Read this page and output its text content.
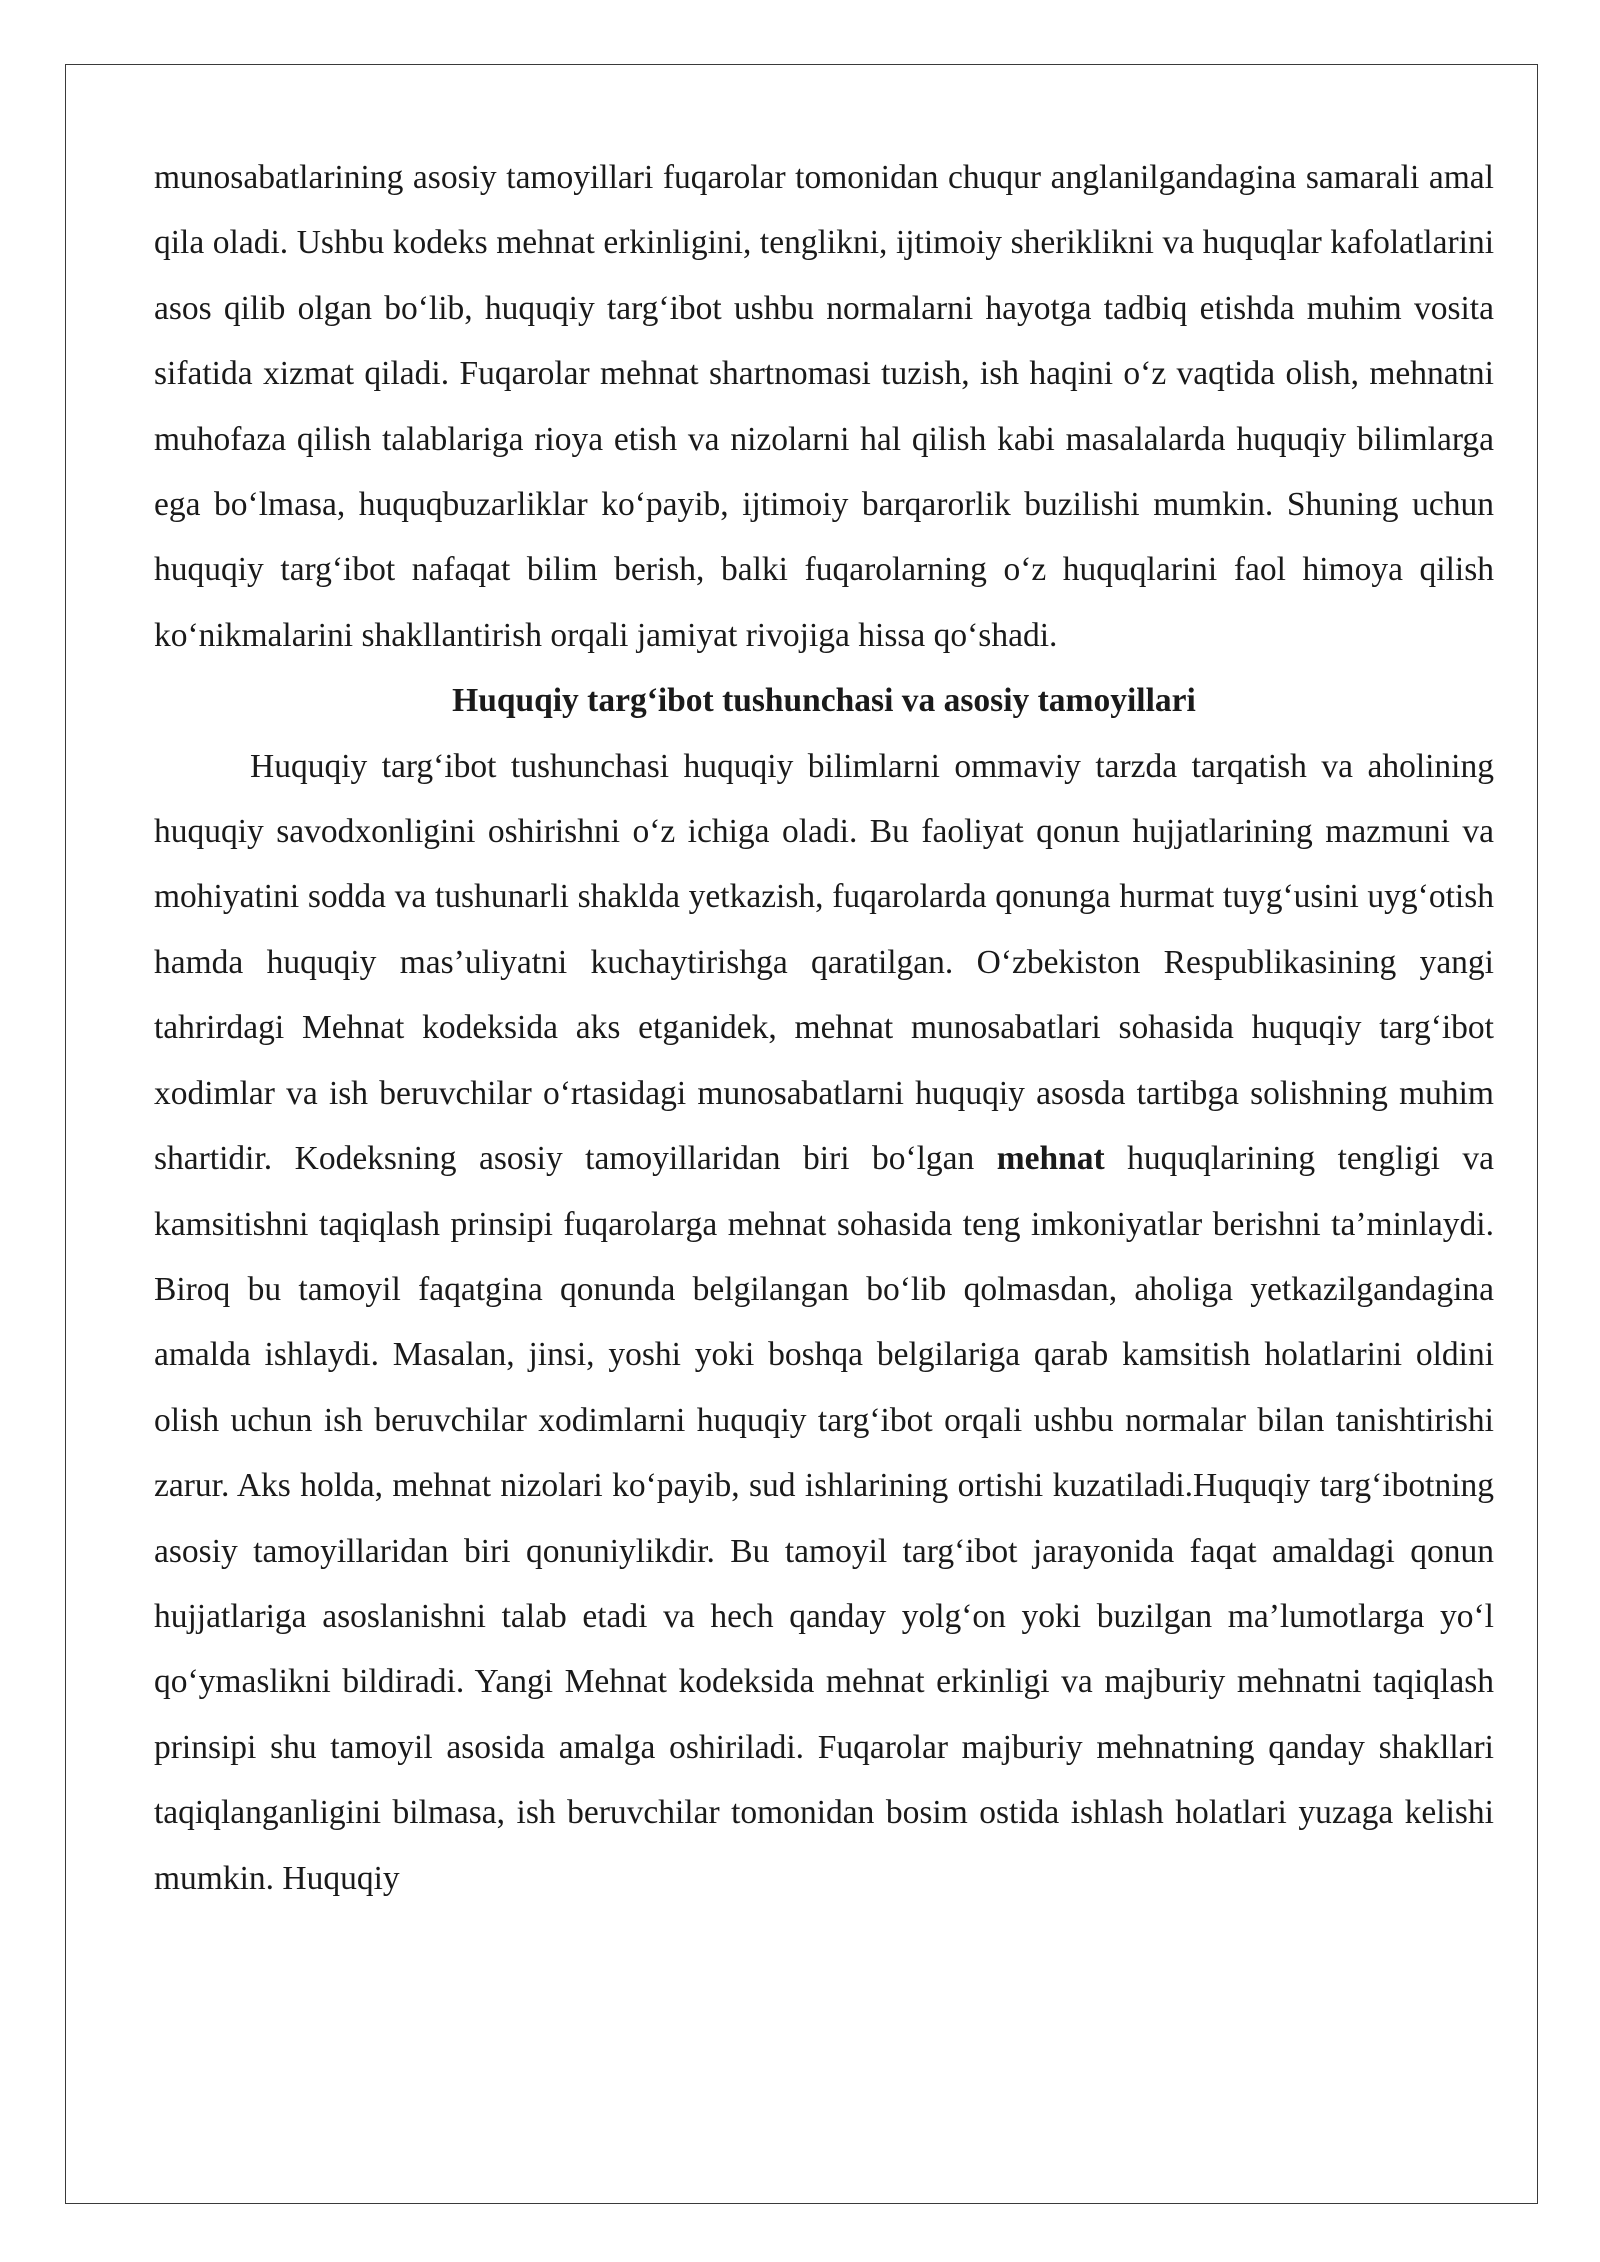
munosabatlarining asosiy tamoyillari fuqarolar tomonidan chuqur anglanilgandagina samarali amal qila oladi. Ushbu kodeks mehnat erkinligini, tenglikni, ijtimoiy sheriklikni va huquqlar kafolatlarini asos qilib olgan bo‘lib, huquqiy targ‘ibot ushbu normalarni hayotga tadbiq etishda muhim vosita sifatida xizmat qiladi. Fuqarolar mehnat shartnomasi tuzish, ish haqini o‘z vaqtida olish, mehnatni muhofaza qilish talablariga rioya etish va nizolarni hal qilish kabi masalalarda huquqiy bilimlarga ega bo‘lmasa, huquqbuzarliklar ko‘payib, ijtimoiy barqarorlik buzilishi mumkin. Shuning uchun huquqiy targ‘ibot nafaqat bilim berish, balki fuqarolarning o‘z huquqlarini faol himoya qilish ko‘nikmalarini shakllantirish orqali jamiyat rivojiga hissa qo‘shadi.

Huquqiy targ‘ibot tushunchasi va asosiy tamoyillari

Huquqiy targ‘ibot tushunchasi huquqiy bilimlarni ommaviy tarzda tarqatish va aholining huquqiy savodxonligini oshirishni o‘z ichiga oladi. Bu faoliyat qonun hujjatlarining mazmuni va mohiyatini sodda va tushunarli shaklda yetkazish, fuqarolarda qonunga hurmat tuyg‘usini uyg‘otish hamda huquqiy mas’uliyatni kuchaytirishga qaratilgan. O‘zbekiston Respublikasining yangi tahrirdagi Mehnat kodeksida aks etganidek, mehnat munosabatlari sohasida huquqiy targ‘ibot xodimlar va ish beruvchilar o‘rtasidagi munosabatlarni huquqiy asosda tartibga solishning muhim shartidir. Kodeksning asosiy tamoyillaridan biri bo‘lgan mehnat huquqlarining tengligi va kamsitishni taqiqlash prinsipi fuqarolarga mehnat sohasida teng imkoniyatlar berishni ta’minlaydi. Biroq bu tamoyil faqatgina qonunda belgilangan bo‘lib qolmasdan, aholiga yetkazilgandagina amalda ishlaydi. Masalan, jinsi, yoshi yoki boshqa belgilariga qarab kamsitish holatlarini oldini olish uchun ish beruvchilar xodimlarni huquqiy targ‘ibot orqali ushbu normalar bilan tanishtirishi zarur. Aks holda, mehnat nizolari ko‘payib, sud ishlarining ortishi kuzatiladi.Huquqiy targ‘ibotning asosiy tamoyillaridan biri qonuniylikdir. Bu tamoyil targ‘ibot jarayonida faqat amaldagi qonun hujjatlariga asoslanishni talab etadi va hech qanday yolg‘on yoki buzilgan ma’lumotlarga yo‘l qo‘ymaslikni bildiradi. Yangi Mehnat kodeksida mehnat erkinligi va majburiy mehnatni taqiqlash prinsipi shu tamoyil asosida amalga oshiriladi. Fuqarolar majburiy mehnatning qanday shakllari taqiqlanganligini bilmasa, ish beruvchilar tomonidan bosim ostida ishlash holatlari yuzaga kelishi mumkin. Huquqiy
